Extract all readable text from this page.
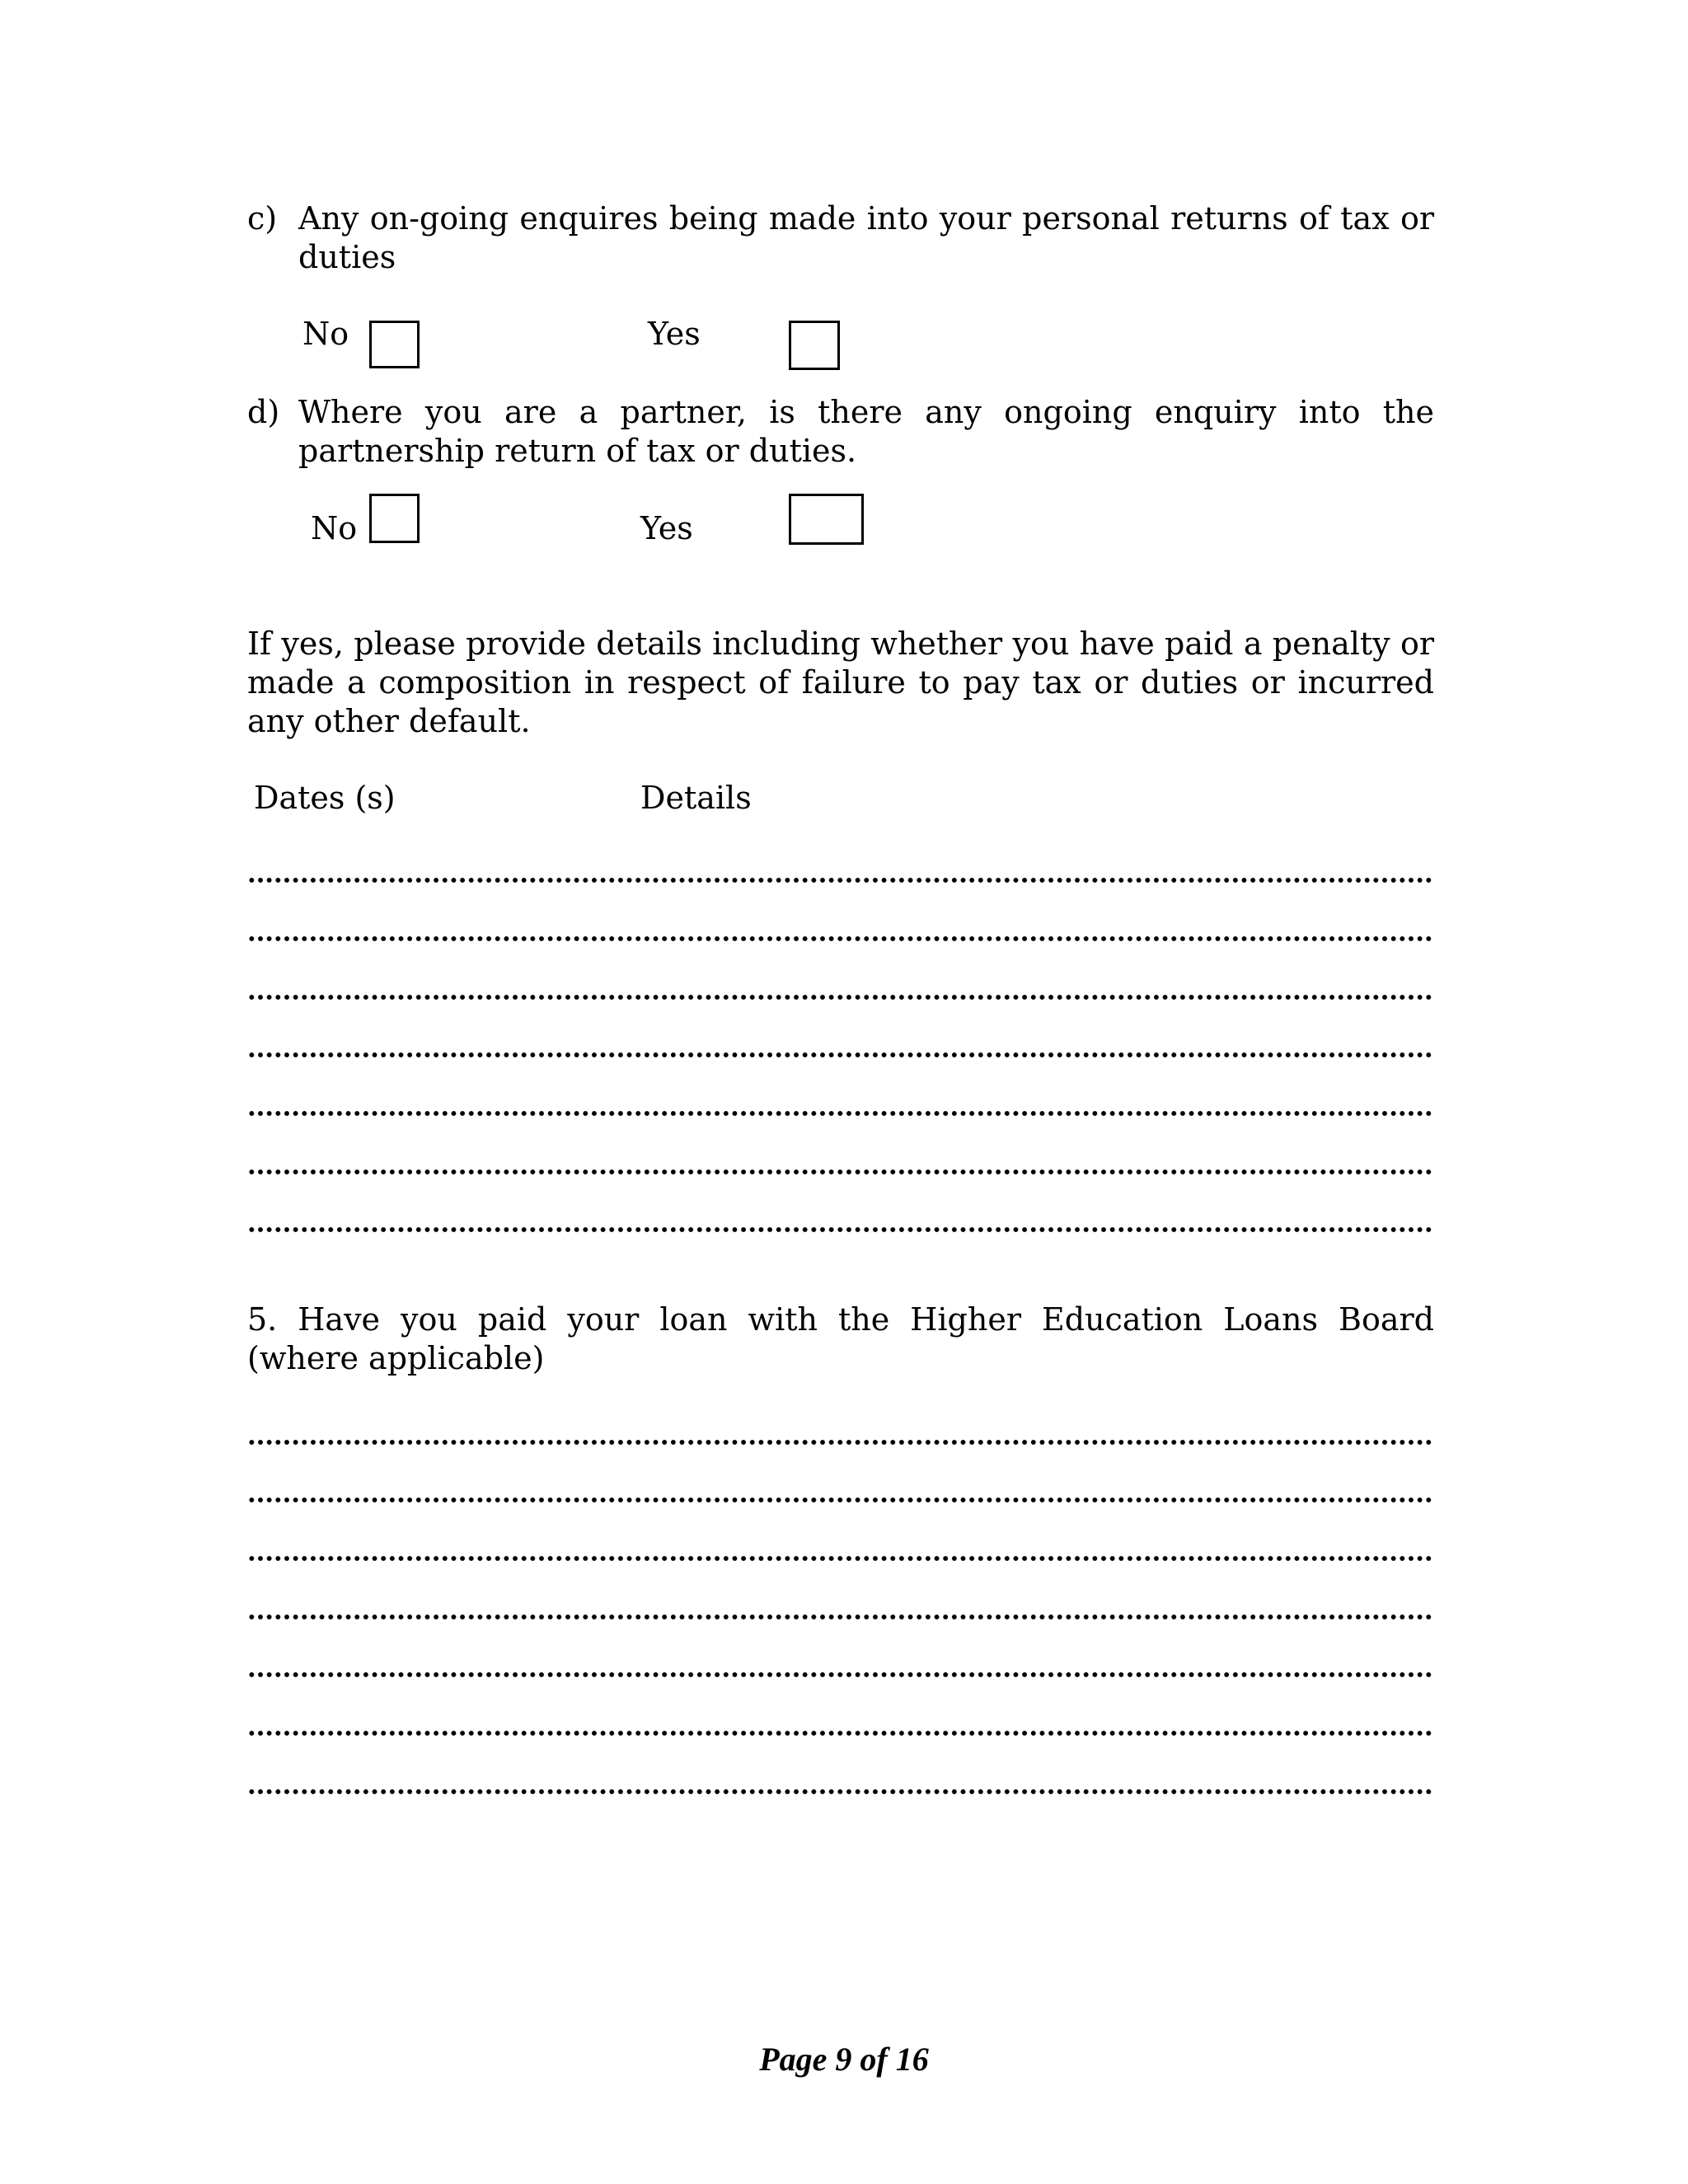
c) Any on-going enquires being made into your personal returns of tax or duties
No	Yes
d) Where you are a partner, is there any ongoing enquiry into the partnership return of tax or duties.
No	Yes
If yes, please provide details including whether you have paid a penalty or made a composition in respect of failure to pay tax or duties or incurred any other default.
Dates (s)	Details
5. Have you paid your loan with the Higher Education Loans Board (where applicable)
Page 9 of 16
